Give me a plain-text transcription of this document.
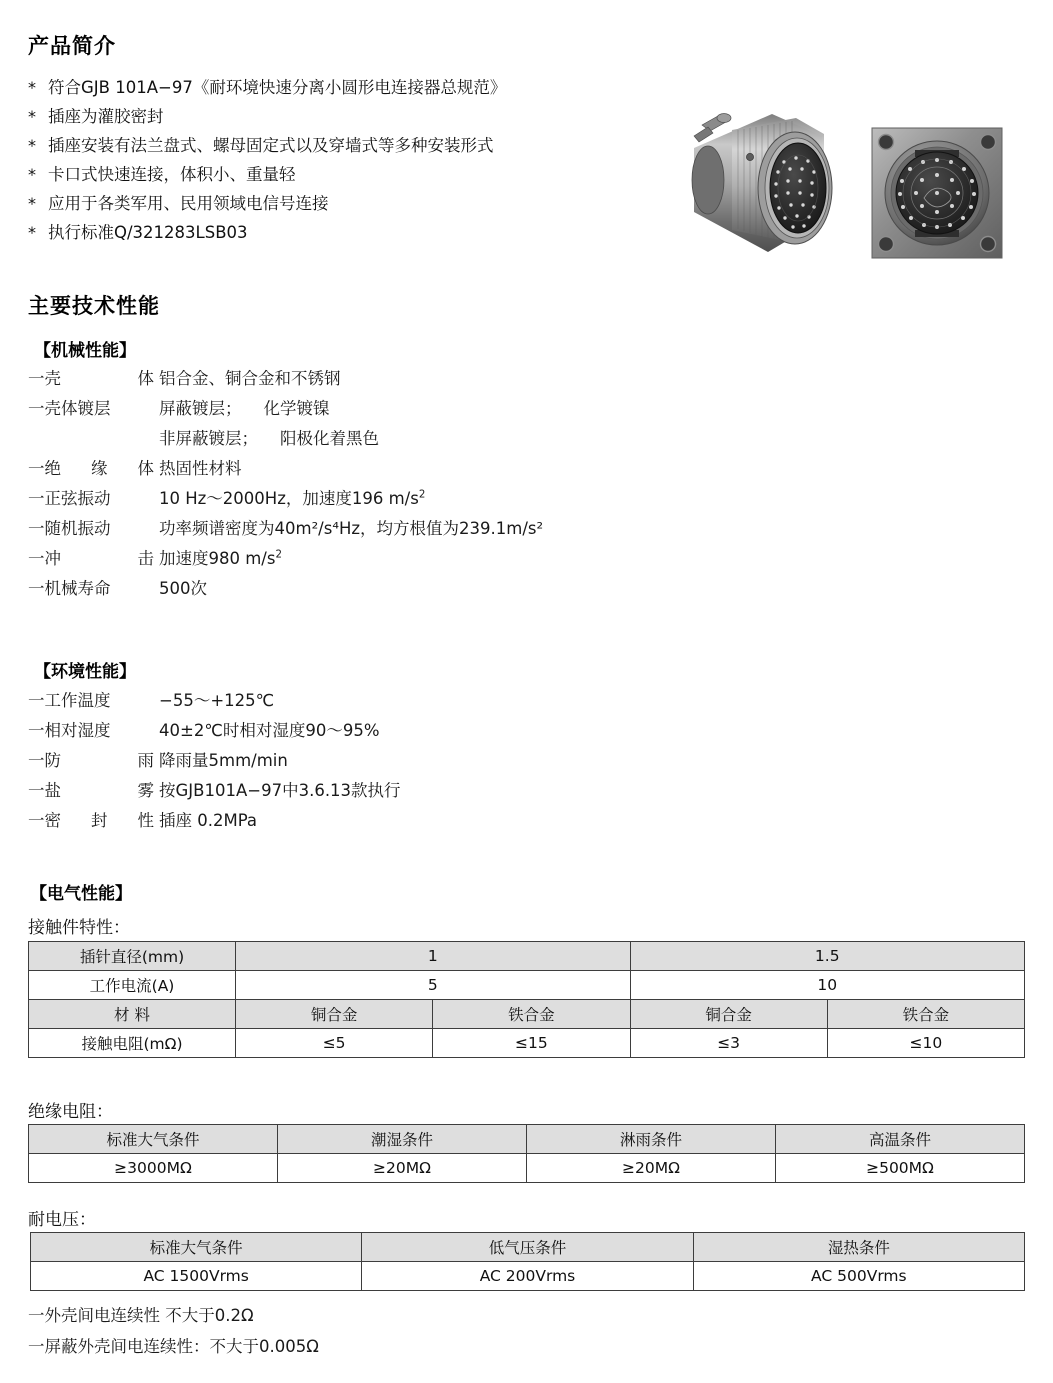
产品简介
* 符合GJB 101A−97《耐环境快速分离小圆形电连接器总规范》
* 插座为灌胶密封
* 插座安装有法兰盘式、螺母固定式以及穿墙式等多种安装形式
* 卡口式快速连接，体积小、重量轻
* 应用于各类军用、民用领域电信号连接
* 执行标准Q/321283LSB03
主要技术性能
【机械性能】
一壳	体 铝合金、铜合金和不锈钢
一壳体镀层	屏蔽镀层； 化学镀镍

非屏蔽镀层； 阳极化着黑色
一绝 缘 体 热固性材料
一正弦振动	10 Hz～2000Hz，加速度196 $m/s^2$
一随机振动	功率频谱密度为40m²/s⁴Hz，均方根值为239.1m/s²
一冲	击 加速度980 $m/s^2$
一机械寿命	500次
【环境性能】
一工作温度	−55～+125℃
一相对湿度	40±2℃时相对湿度90～95%
一防	雨 降雨量5mm/min
一盐	雾 按GJB101A−97中3.6.13款执行
一密 封 性 插座 0.2MPa
【电气性能】
接触件特性：
插针直径(mm)	1		1.5	
工作电流(A)	5		10	
材 料	铜合金	铁合金	铜合金	铁合金
接触电阻(mΩ)	≤5	≤15	≤3	≤10
绝缘电阻：
标准大气条件	潮湿条件	淋雨条件	高温条件
≥3000MΩ	≥20MΩ	≥20MΩ	≥500MΩ
耐电压：
标准大气条件	低气压条件	湿热条件
AC 1500Vrms	AC 200Vrms	AC 500Vrms
一外壳间电连续性 不大于0.2Ω
一屏蔽外壳间电连续性：不大于0.005Ω
